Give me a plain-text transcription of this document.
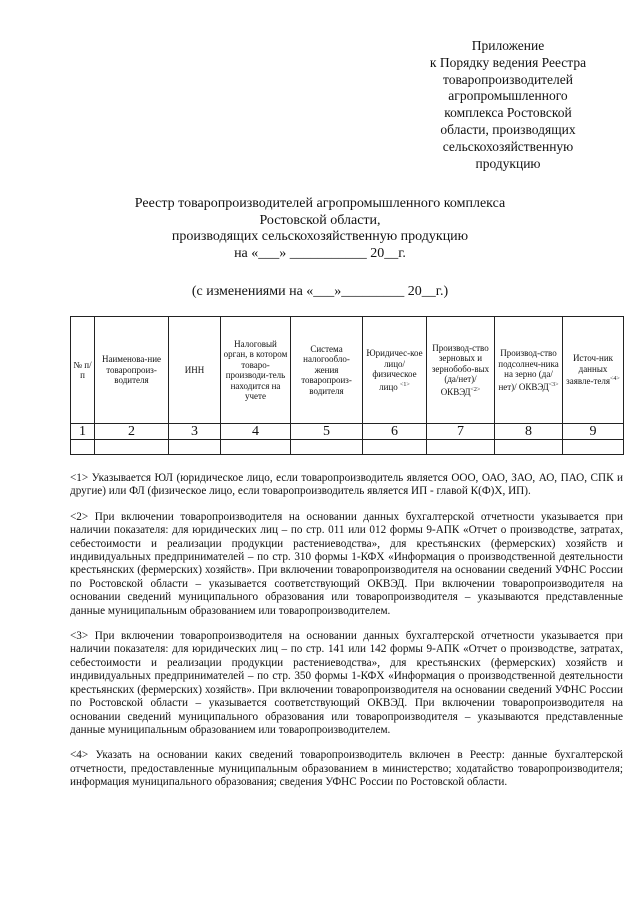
Приложение
к Порядку ведения Реестра
товаропроизводителей
агропромышленного
комплекса Ростовской
области, производящих
сельскохозяйственную
продукцию
Реестр товаропроизводителей агропромышленного комплекса
Ростовской области,
производящих сельскохозяйственную продукцию
на «___» ___________ 20__г.
(с изменениями на «___»_________ 20__г.)
№ п/п	Наименова-ние товаропроиз-водителя	ИНН	Налоговый орган, в котором товаро-производи-тель находится на учете	Система налогообло-жения товаропроиз-водителя	Юридичес-кое лицо/ физическое лицо $^{<1>}$	Производ-ство зерновых и зернобобо-вых (да/нет)/ $ОКВЭД^{<2>}$	Производ-ство подсолнеч-ника на зерно (да/нет)/ $ОКВЭД^{<3>}$	Источ-ник данных заявле-теля$^{<4>}$
1	2	3	4	5	6	7	8	9

<1> Указывается ЮЛ (юридическое лицо, если товаропроизводитель является ООО, ОАО, ЗАО, АО, ПАО, СПК и другие) или ФЛ (физическое лицо, если товаропроизводитель является ИП - главой К(Ф)Х, ИП).

<2> При включении товаропроизводителя на основании данных бухгалтерской отчетности указывается при наличии показателя: для юридических лиц – по стр. 011 или 012 формы 9-АПК «Отчет о производстве, затратах, себестоимости и реализации продукции растениеводства», для крестьянских (фермерских) хозяйств и индивидуальных предпринимателей – по стр. 310 формы 1-КФХ «Информация о производственной деятельности крестьянских (фермерских) хозяйств». При включении товаропроизводителя на основании сведений УФНС России по Ростовской области – указывается соответствующий ОКВЭД. При включении товаропроизводителя на основании сведений муниципального образования или товаропроизводителя – указываются представленные данные муниципальным образованием или товаропроизводителем.

<3> При включении товаропроизводителя на основании данных бухгалтерской отчетности указывается при наличии показателя: для юридических лиц – по стр. 141 или 142 формы 9-АПК «Отчет о производстве, затратах, себестоимости и реализации продукции растениеводства», для крестьянских (фермерских) хозяйств и индивидуальных предпринимателей – по стр. 350 формы 1-КФХ «Информация о производственной деятельности крестьянских (фермерских) хозяйств». При включении товаропроизводителя на основании сведений УФНС России по Ростовской области – указывается соответствующий ОКВЭД. При включении товаропроизводителя на основании сведений муниципального образования или товаропроизводителя – указываются представленные данные муниципальным образованием или товаропроизводителем.

<4> Указать на основании каких сведений товаропроизводитель включен в Реестр: данные бухгалтерской отчетности, предоставленные муниципальным образованием в министерство; ходатайство товаропроизводителя; информация муниципального образования; сведения УФНС России по Ростовской области.
